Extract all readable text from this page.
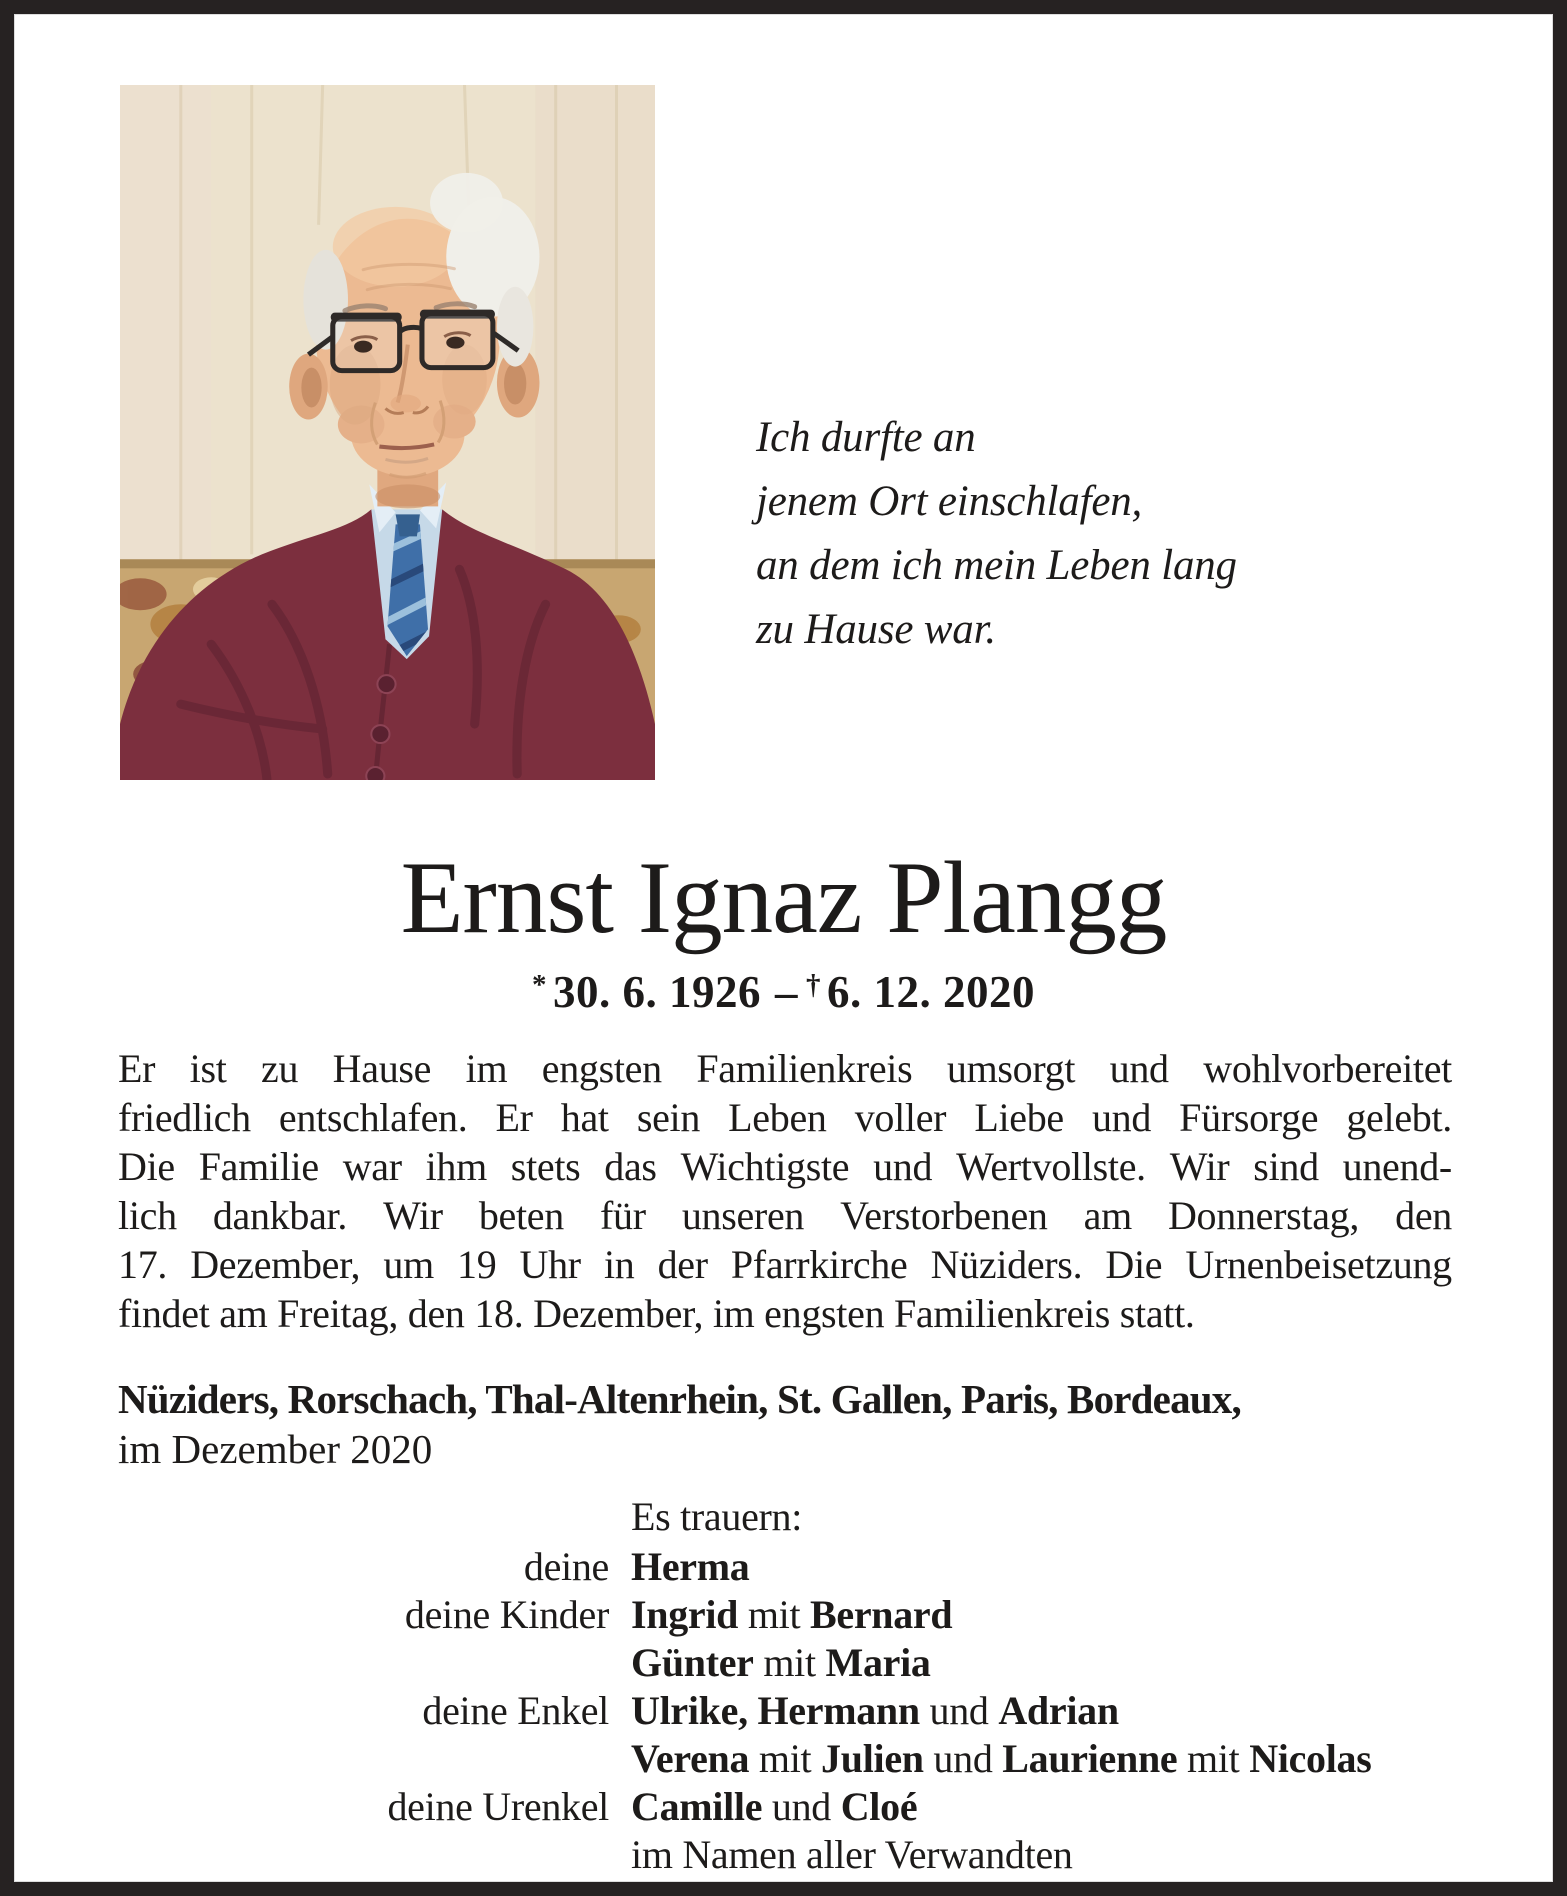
Ich durfte an
jenem Ort einschlafen,
an dem ich mein Leben lang
zu Hause war.
Ernst Ignaz Plangg
* 30. 6. 1926 – † 6. 12. 2020
Er ist zu Hause im engsten Familienkreis umsorgt und wohlvorbereitet
friedlich entschlafen. Er hat sein Leben voller Liebe und Fürsorge gelebt.
Die Familie war ihm stets das Wichtigste und Wertvollste. Wir sind unend-
lich dankbar. Wir beten für unseren Verstorbenen am Donnerstag, den
17. Dezember, um 19 Uhr in der Pfarrkirche Nüziders. Die Urnenbeisetzung
findet am Freitag, den 18. Dezember, im engsten Familienkreis statt.
Nüziders, Rorschach, Thal-Altenrhein, St. Gallen, Paris, Bordeaux,
im Dezember 2020
Es trauern:
deine Herma
deine Kinder Ingrid mit Bernard
Günter mit Maria
deine Enkel Ulrike, Hermann und Adrian
Verena mit Julien und Laurienne mit Nicolas
deine Urenkel Camille und Cloé
im Namen aller Verwandten
